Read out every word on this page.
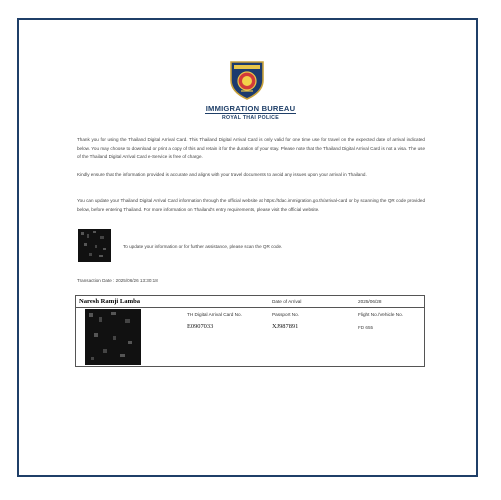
IMMIGRATION BUREAU
ROYAL THAI POLICE

Thank you for using the Thailand Digital Arrival Card. This Thailand Digital Arrival Card is only valid for one time use for travel on the expected date of arrival indicated below. You may choose to download or print a copy of this and retain it for the duration of your stay. Please note that the Thailand Digital Arrival Card is not a visa. The use of the Thailand Digital Arrival Card e-Service is free of charge.

Kindly ensure that the information provided is accurate and aligns with your travel documents to avoid any issues upon your arrival in Thailand.

You can update your Thailand Digital Arrival Card information through the official website at https://tdac.immigration.go.th/arrival-card or by scanning the QR code provided below, before entering Thailand. For more information on Thailand's entry requirements, please visit the official website.

To update your information or for further assistance, please scan the QR code.
Transaction Date : 2025/06/26 13:30:18
Naresh Ramji Lamba	Date of Arrival	2025/06/28
TH Digital Arrival Card No.
E0907033
Passport No.
XJ987891
Flight No./Vehicle No.
FD 655
